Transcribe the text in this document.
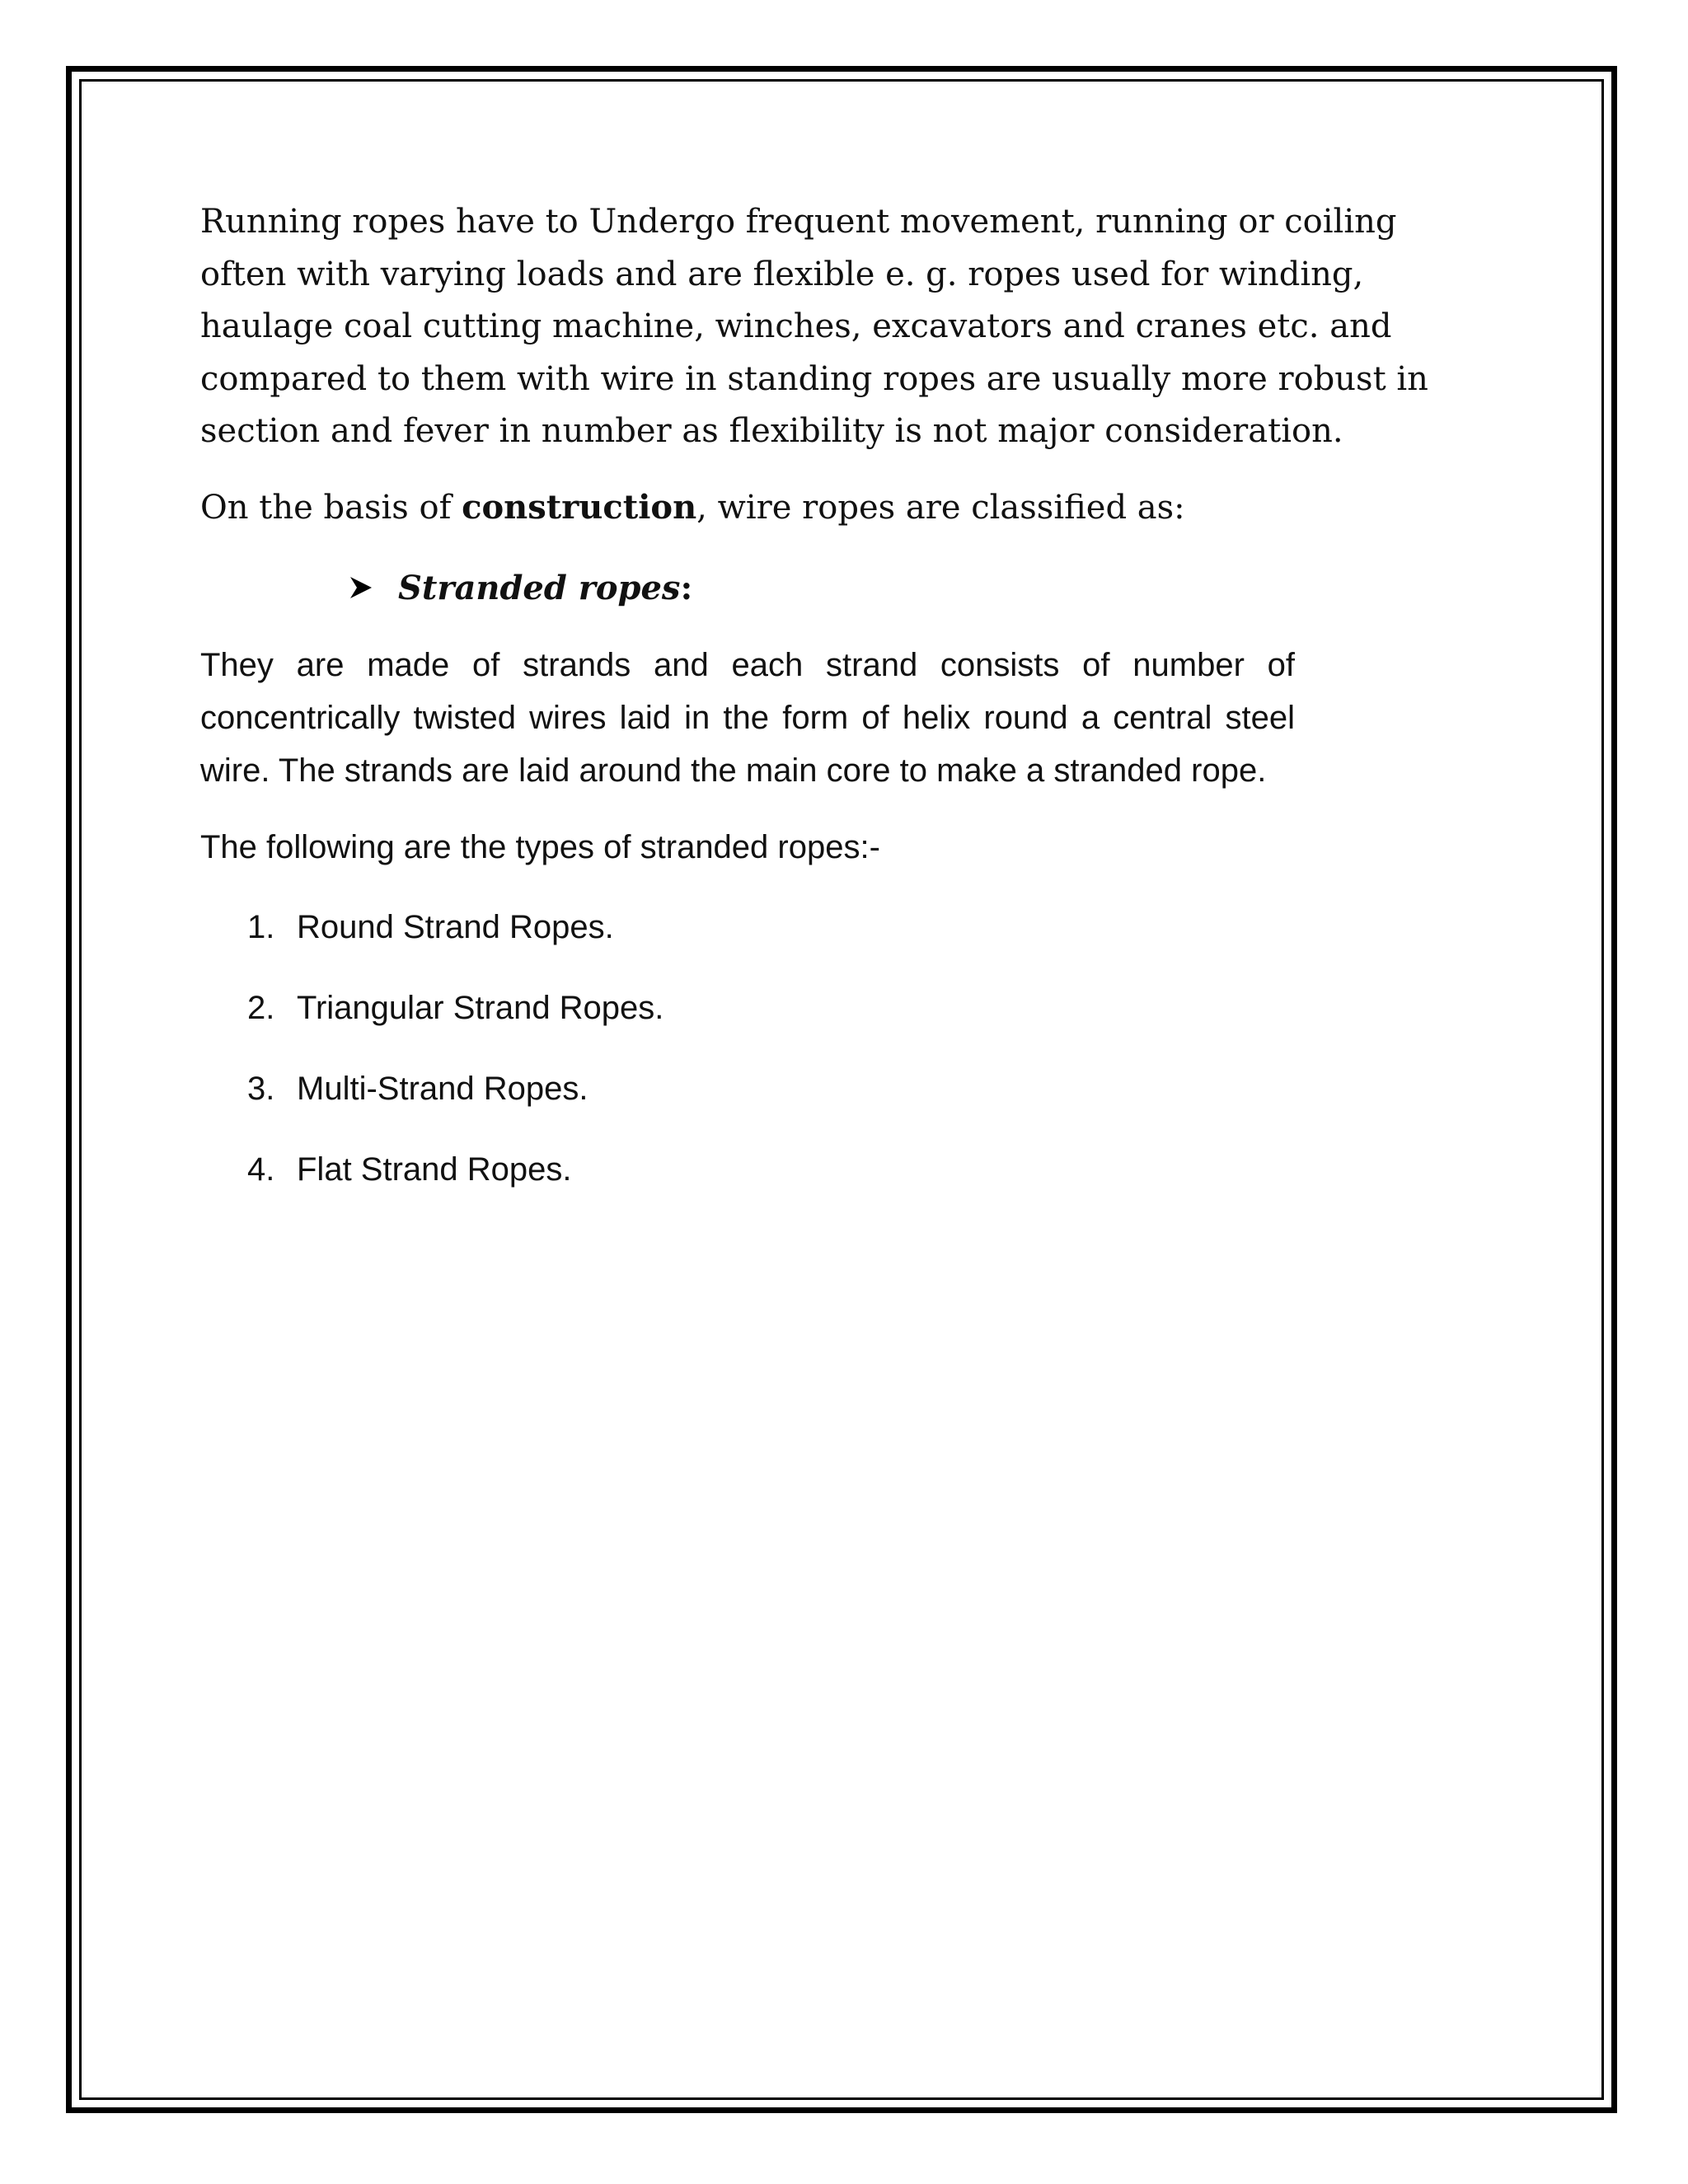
Running ropes have to Undergo frequent movement, running or coiling often with varying loads and are flexible e. g. ropes used for winding, haulage coal cutting machine, winches, excavators and cranes etc. and compared to them with wire in standing ropes are usually more robust in section and fever in number as flexibility is not major consideration.

On the basis of construction, wire ropes are classified as:

Stranded ropes :

They are made of strands and each strand consists of number of concentrically twisted wires laid in the form of helix round a central steel wire. The strands are laid around the main core to make a stranded rope.

The following are the types of stranded ropes:-

1. Round Strand Ropes.
2. Triangular Strand Ropes.
3. Multi-Strand Ropes.
4. Flat Strand Ropes.
